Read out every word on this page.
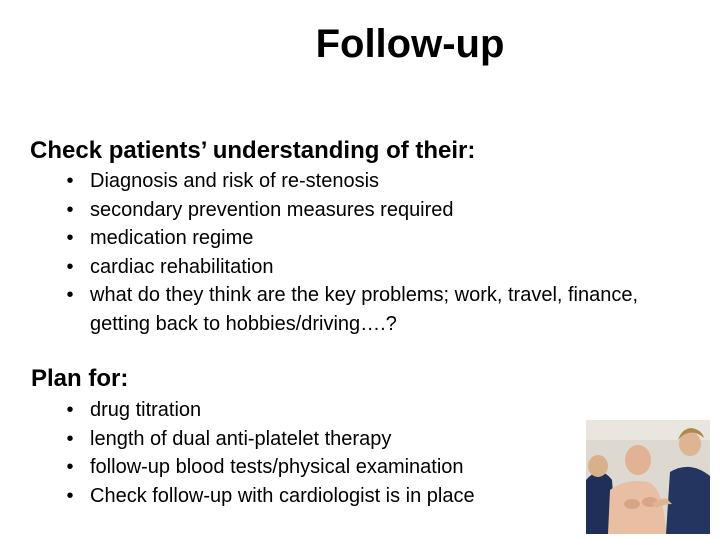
Follow-up
Check patients’ understanding of their:
• Diagnosis and risk of re-stenosis
• secondary prevention measures required
• medication regime
• cardiac rehabilitation
• what do they think are the key problems; work, travel, finance, getting back to hobbies/driving….?
Plan for:
• drug titration
• length of dual anti-platelet therapy
• follow-up blood tests/physical examination
• Check follow-up with cardiologist is in place
